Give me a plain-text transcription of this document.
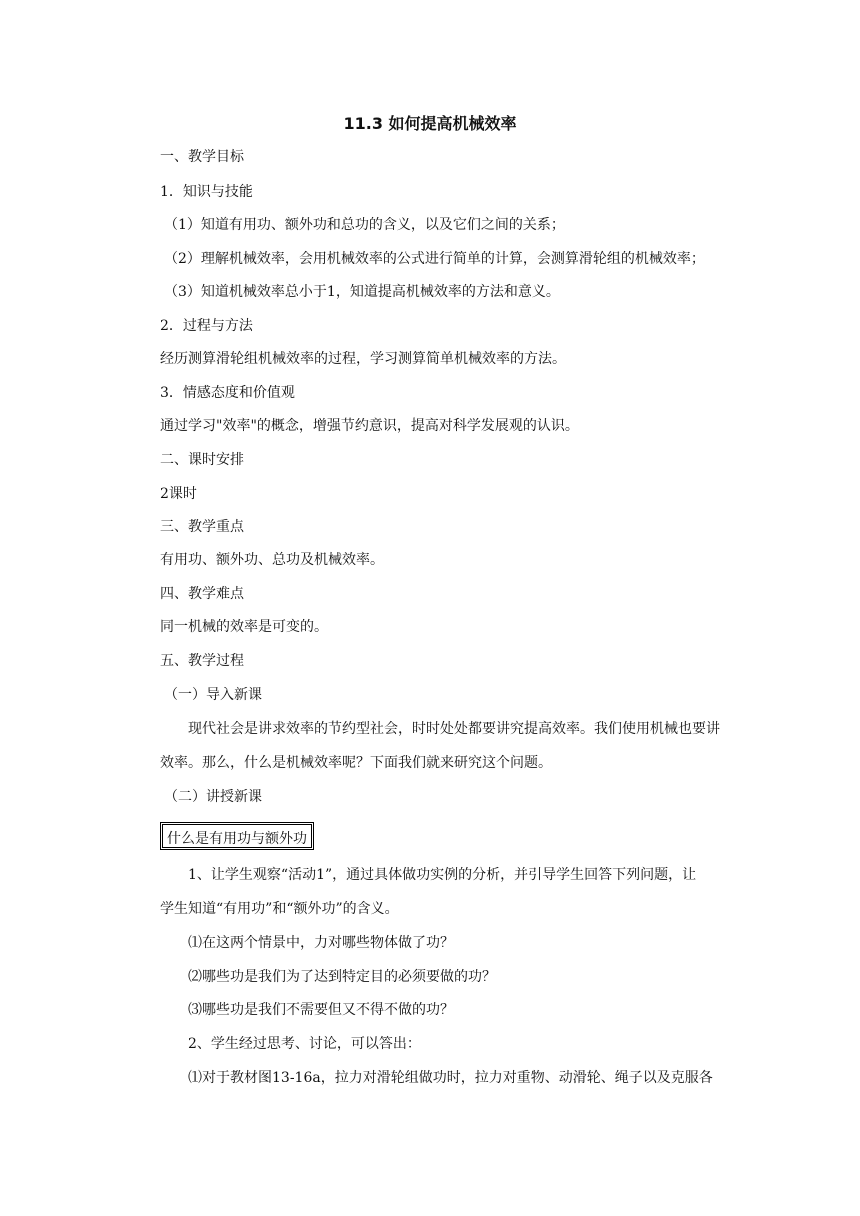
11.3 如何提高机械效率

一、教学目标

1．知识与技能

（1）知道有用功、额外功和总功的含义，以及它们之间的关系；

（2）理解机械效率，会用机械效率的公式进行简单的计算，会测算滑轮组的机械效率；

（3）知道机械效率总小于1，知道提高机械效率的方法和意义。

2．过程与方法

经历测算滑轮组机械效率的过程，学习测算简单机械效率的方法。

3．情感态度和价值观

通过学习"效率"的概念，增强节约意识，提高对科学发展观的认识。

二、课时安排

2课时

三、教学重点

有用功、额外功、总功及机械效率。

四、教学难点

同一机械的效率是可变的。

五、教学过程

（一）导入新课

现代社会是讲求效率的节约型社会，时时处处都要讲究提高效率。我们使用机械也要讲

效率。那么，什么是机械效率呢？下面我们就来研究这个问题。

（二）讲授新课

什么是有用功与额外功

1、让学生观察“活动1”，通过具体做功实例的分析，并引导学生回答下列问题，让

学生知道“有用功”和“额外功”的含义。

⑴在这两个情景中，力对哪些物体做了功？

⑵哪些功是我们为了达到特定目的必须要做的功？

⑶哪些功是我们不需要但又不得不做的功？

2、学生经过思考、讨论，可以答出：

⑴对于教材图13-16a，拉力对滑轮组做功时，拉力对重物、动滑轮、绳子以及克服各
